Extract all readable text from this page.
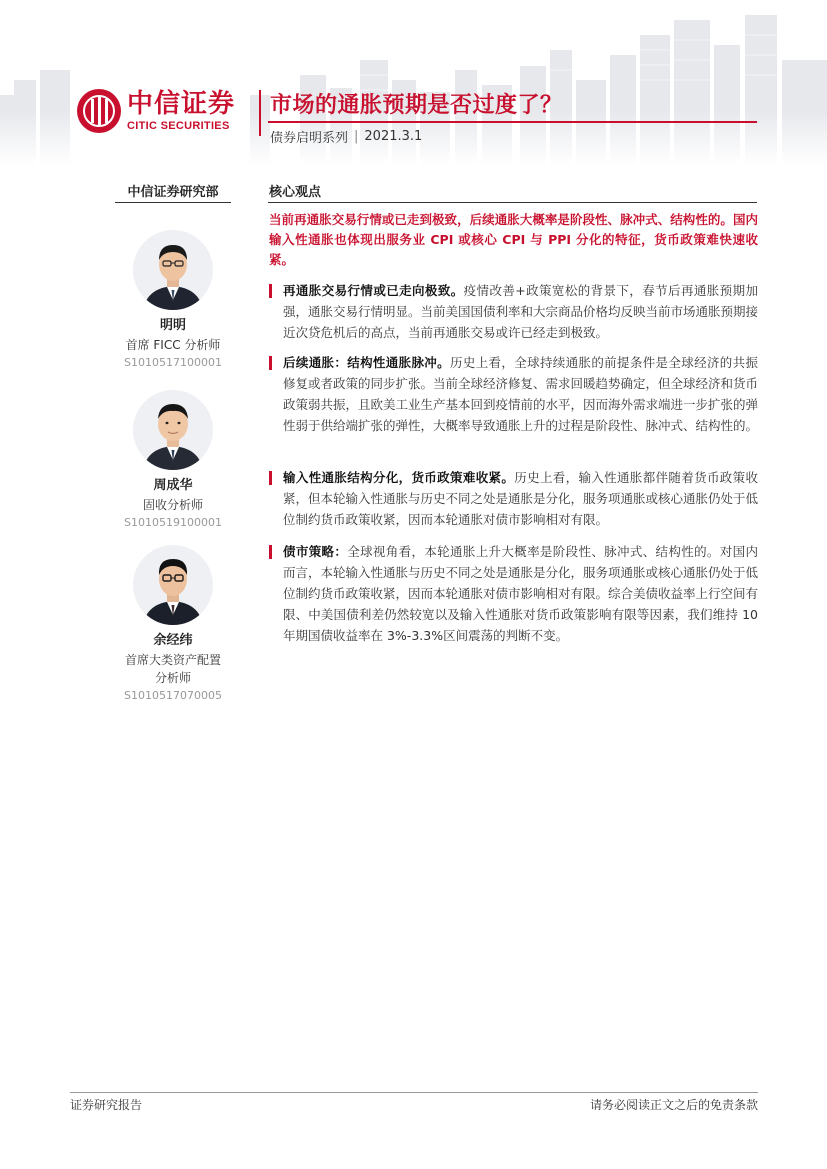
中信证券
CITIC SECURITIES
市场的通胀预期是否过度了？
债券启明系列 | 2021.3.1
中信证券研究部
明明
首席 FICC 分析师
S1010517100001
周成华
固收分析师
S1010519100001
余经纬
首席大类资产配置
分析师
S1010517070005
核心观点
当前再通胀交易行情或已走到极致，后续通胀大概率是阶段性、脉冲式、结构性的。国内输入性通胀也体现出服务业 CPI 或核心 CPI 与 PPI 分化的特征，货币政策难快速收紧。
再通胀交易行情或已走向极致。疫情改善+政策宽松的背景下，春节后再通胀预期加强，通胀交易行情明显。当前美国国债利率和大宗商品价格均反映当前市场通胀预期接近次贷危机后的高点，当前再通胀交易或许已经走到极致。
后续通胀：结构性通胀脉冲。历史上看，全球持续通胀的前提条件是全球经济的共振修复或者政策的同步扩张。当前全球经济修复、需求回暖趋势确定，但全球经济和货币政策弱共振，且欧美工业生产基本回到疫情前的水平，因而海外需求端进一步扩张的弹性弱于供给端扩张的弹性，大概率导致通胀上升的过程是阶段性、脉冲式、结构性的。
输入性通胀结构分化，货币政策难收紧。历史上看，输入性通胀都伴随着货币政策收紧，但本轮输入性通胀与历史不同之处是通胀是分化，服务项通胀或核心通胀仍处于低位制约货币政策收紧，因而本轮通胀对债市影响相对有限。
债市策略：全球视角看，本轮通胀上升大概率是阶段性、脉冲式、结构性的。对国内而言，本轮输入性通胀与历史不同之处是通胀是分化，服务项通胀或核心通胀仍处于低位制约货币政策收紧，因而本轮通胀对债市影响相对有限。综合美债收益率上行空间有限、中美国债利差仍然较宽以及输入性通胀对货币政策影响有限等因素，我们维持 10 年期国债收益率在 3%-3.3%区间震荡的判断不变。
证券研究报告	请务必阅读正文之后的免责条款
